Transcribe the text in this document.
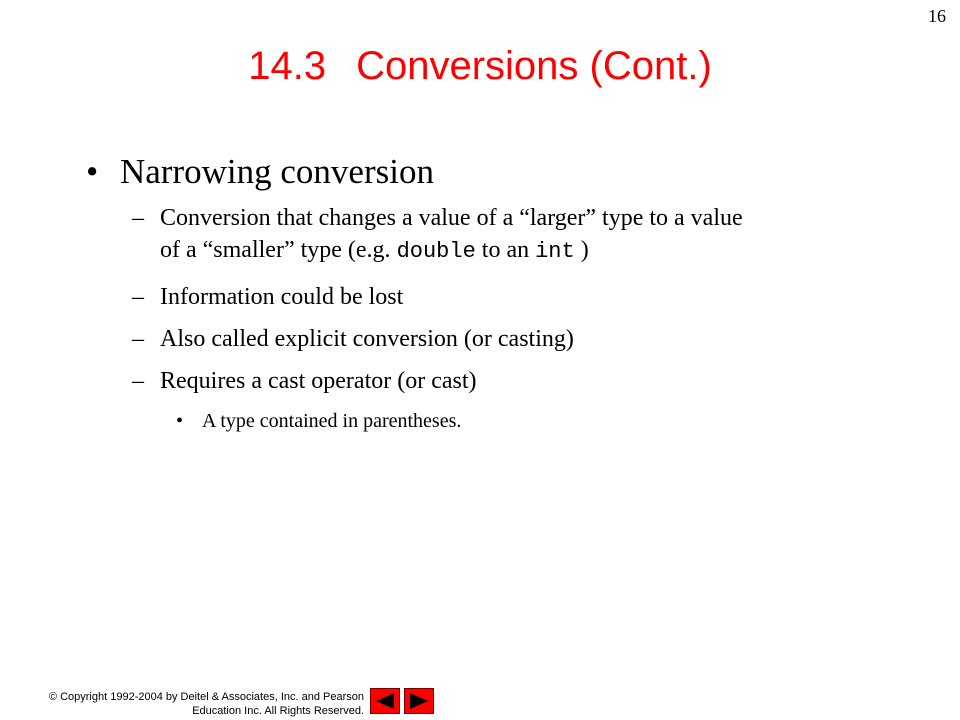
16
14.3 Conversions (Cont.)
• Narrowing conversion
– Conversion that changes a value of a “larger” type to a value
of a “smaller” type (e.g. double to an int )
– Information could be lost
– Also called explicit conversion (or casting)
– Requires a cast operator (or cast)
• A type contained in parentheses.
© Copyright 1992-2004 by Deitel & Associates, Inc. and Pearson
Education Inc. All Rights Reserved.
